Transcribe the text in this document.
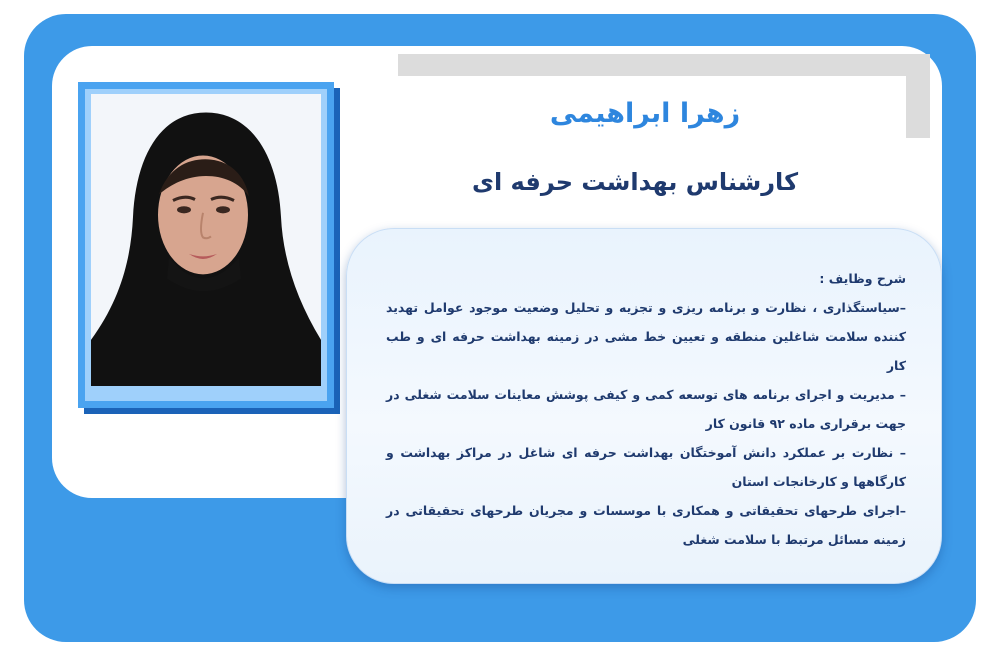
زهرا ابراهیمی
کارشناس بهداشت حرفه ای

شرح وظایف :

–سیاستگذاری ، نظارت و برنامه ریزی و تجزیه و تحلیل وضعیت موجود عوامل تهدید کننده سلامت شاغلین منطقه و تعیین خط مشی در زمینه بهداشت حرفه ای و طب کار

– مدیریت و اجرای برنامه های توسعه کمی و کیفی پوشش معاینات سلامت شغلی در جهت برقراری ماده ۹۲ قانون کار

– نظارت بر عملکرد دانش آموختگان بهداشت حرفه ای شاغل در مراکز بهداشت و کارگاهها و کارخانجات استان

–اجرای طرحهای تحقیقاتی و همکاری با موسسات و مجریان طرحهای تحقیقاتی در زمینه مسائل مرتبط با سلامت شغلی
